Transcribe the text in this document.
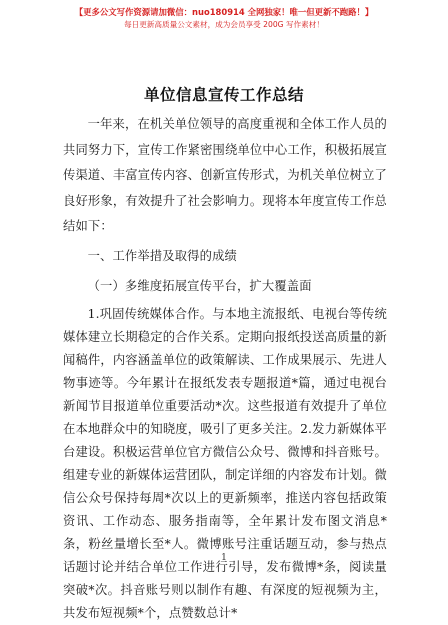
【更多公文写作资源请加微信：nuo180914 全网独家！唯一但更新不跑路！】
每日更新高质量公文素材，成为会员享受 200G 写作素材！
单位信息宣传工作总结

一年来，在机关单位领导的高度重视和全体工作人员的共同努力下，宣传工作紧密围绕单位中心工作，积极拓展宣传渠道、丰富宣传内容、创新宣传形式，为机关单位树立了良好形象，有效提升了社会影响力。现将本年度宣传工作总结如下：

一、工作举措及取得的成绩

（一）多维度拓展宣传平台，扩大覆盖面

1.巩固传统媒体合作。与本地主流报纸、电视台等传统媒体建立长期稳定的合作关系。定期向报纸投送高质量的新闻稿件，内容涵盖单位的政策解读、工作成果展示、先进人物事迹等。今年累计在报纸发表专题报道*篇，通过电视台新闻节目报道单位重要活动*次。这些报道有效提升了单位在本地群众中的知晓度，吸引了更多关注。2.发力新媒体平台建设。积极运营单位官方微信公众号、微博和抖音账号。组建专业的新媒体运营团队，制定详细的内容发布计划。微信公众号保持每周*次以上的更新频率，推送内容包括政策资讯、工作动态、服务指南等，全年累计发布图文消息*条，粉丝量增长至*人。微博账号注重话题互动，参与热点话题讨论并结合单位工作进行引导，发布微博*条，阅读量突破*次。抖音账号则以制作有趣、有深度的短视频为主，共发布短视频*个，点赞数总计*

1
